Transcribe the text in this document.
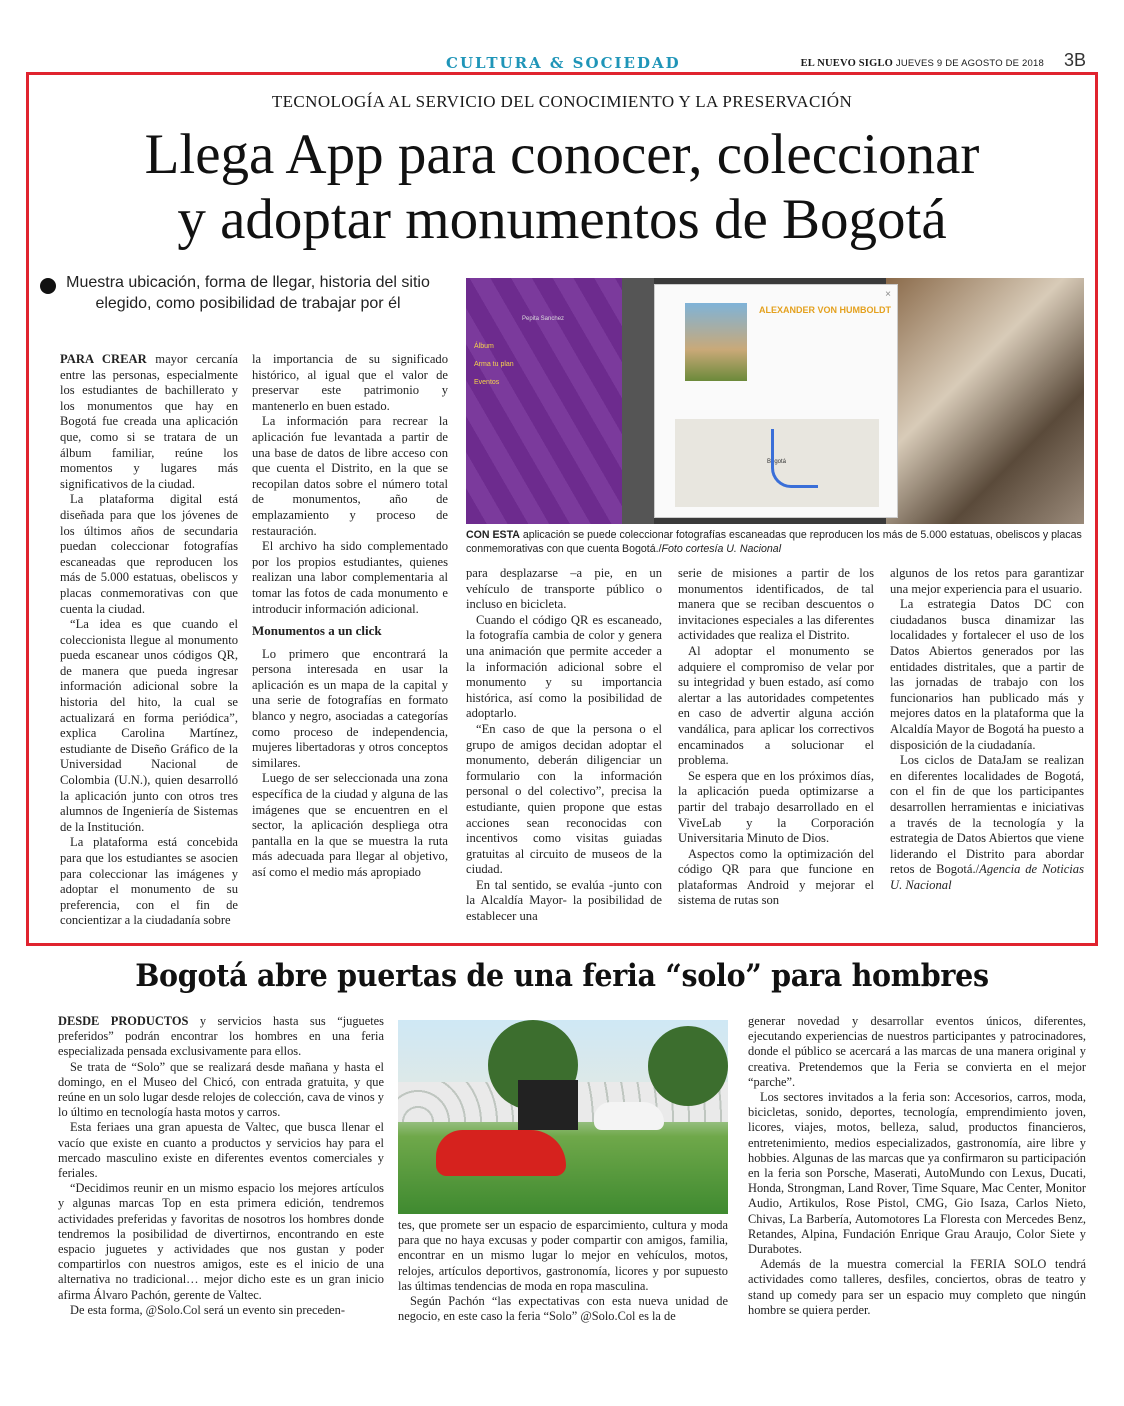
CULTURA & SOCIEDAD	EL NUEVO SIGLO JUEVES 9 DE AGOSTO DE 2018 3B
TECNOLOGÍA AL SERVICIO DEL CONOCIMIENTO Y LA PRESERVACIÓN
Llega App para conocer, coleccionar
y adoptar monumentos de Bogotá
Muestra ubicación, forma de llegar, historia del sitio elegido, como posibilidad de trabajar por él

PARA CREAR mayor cercanía entre las personas, especialmente los estudiantes de bachillerato y los monumentos que hay en Bogotá fue creada una aplicación que, como si se tratara de un álbum familiar, reúne los momentos y lugares más significativos de la ciudad.

La plataforma digital está diseñada para que los jóvenes de los últimos años de secundaria puedan coleccionar fotografías escaneadas que reproducen los más de 5.000 estatuas, obeliscos y placas conmemorativas con que cuenta la ciudad.

“La idea es que cuando el coleccionista llegue al monumento pueda escanear unos códigos QR, de manera que pueda ingresar información adicional sobre la historia del hito, la cual se actualizará en forma periódica”, explica Carolina Martínez, estudiante de Diseño Gráfico de la Universidad Nacional de Colombia (U.N.), quien desarrolló la aplicación junto con otros tres alumnos de Ingeniería de Sistemas de la Institución.

La plataforma está concebida para que los estudiantes se asocien para coleccionar las imágenes y adoptar el monumento de su preferencia, con el fin de concientizar a la ciudadanía sobre

la importancia de su significado histórico, al igual que el valor de preservar este patrimonio y mantenerlo en buen estado.

La información para recrear la aplicación fue levantada a partir de una base de datos de libre acceso con que cuenta el Distrito, en la que se recopilan datos sobre el número total de monumentos, año de emplazamiento y proceso de restauración.

El archivo ha sido complementado por los propios estudiantes, quienes realizan una labor complementaria al tomar las fotos de cada monumento e introducir información adicional.

Monumentos a un click

Lo primero que encontrará la persona interesada en usar la aplicación es un mapa de la capital y una serie de fotografías en formato blanco y negro, asociadas a categorías como proceso de independencia, mujeres libertadoras y otros conceptos similares.

Luego de ser seleccionada una zona específica de la ciudad y alguna de las imágenes que se encuentren en el sector, la aplicación despliega otra pantalla en la que se muestra la ruta más adecuada para llegar al objetivo, así como el medio más apropiado

Pepita Sanchez
Álbum
Arma tu plan
Eventos
×
ALEXANDER VON HUMBOLDT
Bogotá
CON ESTA aplicación se puede coleccionar fotografías escaneadas que reproducen los más de 5.000 estatuas, obeliscos y placas conmemorativas con que cuenta Bogotá./Foto cortesía U. Nacional

para desplazarse –a pie, en un vehículo de transporte público o incluso en bicicleta.

Cuando el código QR es escaneado, la fotografía cambia de color y genera una animación que permite acceder a la información adicional sobre el monumento y su importancia histórica, así como la posibilidad de adoptarlo.

“En caso de que la persona o el grupo de amigos decidan adoptar el monumento, deberán diligenciar un formulario con la información personal o del colectivo”, precisa la estudiante, quien propone que estas acciones sean reconocidas con incentivos como visitas guiadas gratuitas al circuito de museos de la ciudad.

En tal sentido, se evalúa -junto con la Alcaldía Mayor- la posibilidad de establecer una

serie de misiones a partir de los monumentos identificados, de tal manera que se reciban descuentos o invitaciones especiales a las diferentes actividades que realiza el Distrito.

Al adoptar el monumento se adquiere el compromiso de velar por su integridad y buen estado, así como alertar a las autoridades competentes en caso de advertir alguna acción vandálica, para aplicar los correctivos encaminados a solucionar el problema.

Se espera que en los próximos días, la aplicación pueda optimizarse a partir del trabajo desarrollado en el ViveLab y la Corporación Universitaria Minuto de Dios.

Aspectos como la optimización del código QR para que funcione en plataformas Android y mejorar el sistema de rutas son

algunos de los retos para garantizar una mejor experiencia para el usuario.

La estrategia Datos DC con ciudadanos busca dinamizar las localidades y fortalecer el uso de los Datos Abiertos generados por las entidades distritales, que a partir de las jornadas de trabajo con los funcionarios han publicado más y mejores datos en la plataforma que la Alcaldía Mayor de Bogotá ha puesto a disposición de la ciudadanía.

Los ciclos de DataJam se realizan en diferentes localidades de Bogotá, con el fin de que los participantes desarrollen herramientas e iniciativas a través de la tecnología y la estrategia de Datos Abiertos que viene liderando el Distrito para abordar retos de Bogotá./Agencia de Noticias U. Nacional

Bogotá abre puertas de una feria “solo” para hombres

DESDE PRODUCTOS y servicios hasta sus “juguetes preferidos” podrán encontrar los hombres en una feria especializada pensada exclusivamente para ellos.

Se trata de “Solo” que se realizará desde mañana y hasta el domingo, en el Museo del Chicó, con entrada gratuita, y que reúne en un solo lugar desde relojes de colección, cava de vinos y lo último en tecnología hasta motos y carros.

Esta feriaes una gran apuesta de Valtec, que busca llenar el vacío que existe en cuanto a productos y servicios hay para el mercado masculino existe en diferentes eventos comerciales y feriales.

“Decidimos reunir en un mismo espacio los mejores artículos y algunas marcas Top en esta primera edición, tendremos actividades preferidas y favoritas de nosotros los hombres donde tendremos la posibilidad de divertirnos, encontrando en este espacio juguetes y actividades que nos gustan y poder compartirlos con nuestros amigos, este es el inicio de una alternativa no tradicional… mejor dicho este es un gran inicio afirma Álvaro Pachón, gerente de Valtec.

De esta forma, @Solo.Col será un evento sin preceden-

tes, que promete ser un espacio de esparcimiento, cultura y moda para que no haya excusas y poder compartir con amigos, familia, encontrar en un mismo lugar lo mejor en vehículos, motos, relojes, artículos deportivos, gastronomía, licores y por supuesto las últimas tendencias de moda en ropa masculina.

Según Pachón “las expectativas con esta nueva unidad de negocio, en este caso la feria “Solo” @Solo.Col es la de

generar novedad y desarrollar eventos únicos, diferentes, ejecutando experiencias de nuestros participantes y patrocinadores, donde el público se acercará a las marcas de una manera original y creativa. Pretendemos que la Feria se convierta en el mejor “parche”.

Los sectores invitados a la feria son: Accesorios, carros, moda, bicicletas, sonido, deportes, tecnología, emprendimiento joven, licores, viajes, motos, belleza, salud, productos financieros, entretenimiento, medios especializados, gastronomía, aire libre y hobbies. Algunas de las marcas que ya confirmaron su participación en la feria son Porsche, Maserati, AutoMundo con Lexus, Ducati, Honda, Strongman, Land Rover, Time Square, Mac Center, Monitor Audio, Artikulos, Rose Pistol, CMG, Gio Isaza, Carlos Nieto, Chivas, La Barbería, Automotores La Floresta con Mercedes Benz, Retandes, Alpina, Fundación Enrique Grau Araujo, Color Siete y Durabotes.

Además de la muestra comercial la FERIA SOLO tendrá actividades como talleres, desfiles, conciertos, obras de teatro y stand up comedy para ser un espacio muy completo que ningún hombre se quiera perder.
